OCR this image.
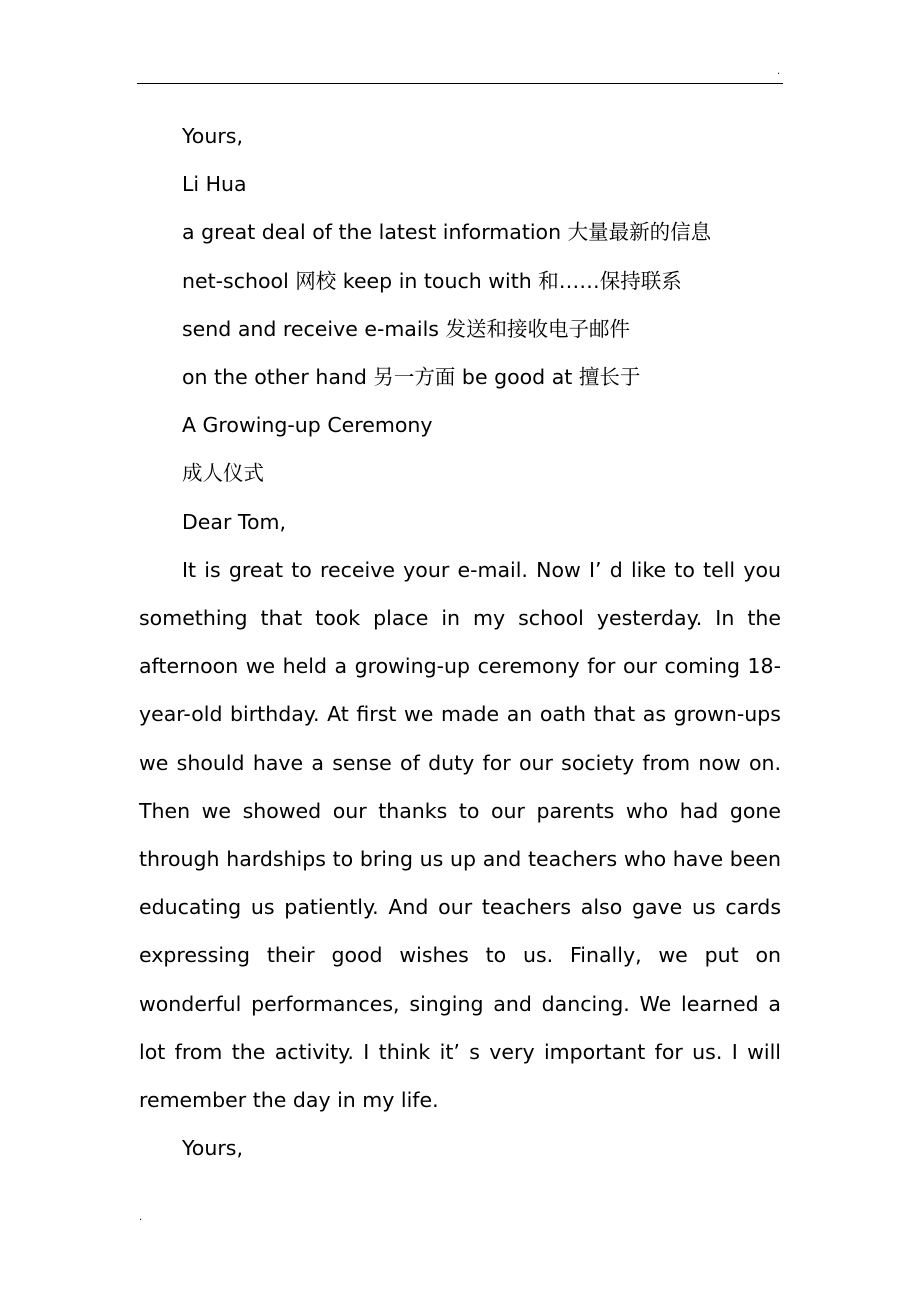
.

Yours,

Li Hua

a great deal of the latest information 大量最新的信息

net-school 网校 keep in touch with 和……保持联系

send and receive e-mails 发送和接收电子邮件

on the other hand 另一方面 be good at 擅长于

A Growing-up Ceremony

成人仪式

Dear Tom,

It is great to receive your e-mail. Now I’ d like to tell you something that took place in my school yesterday. In the afternoon we held a growing-up ceremony for our coming 18-year-old birthday. At first we made an oath that as grown-ups we should have a sense of duty for our society from now on. Then we showed our thanks to our parents who had gone through hardships to bring us up and teachers who have been educating us patiently. And our teachers also gave us cards expressing their good wishes to us. Finally, we put on wonderful performances, singing and dancing. We learned a lot from the activity. I think it’ s very important for us. I will remember the day in my life.

Yours,

.
